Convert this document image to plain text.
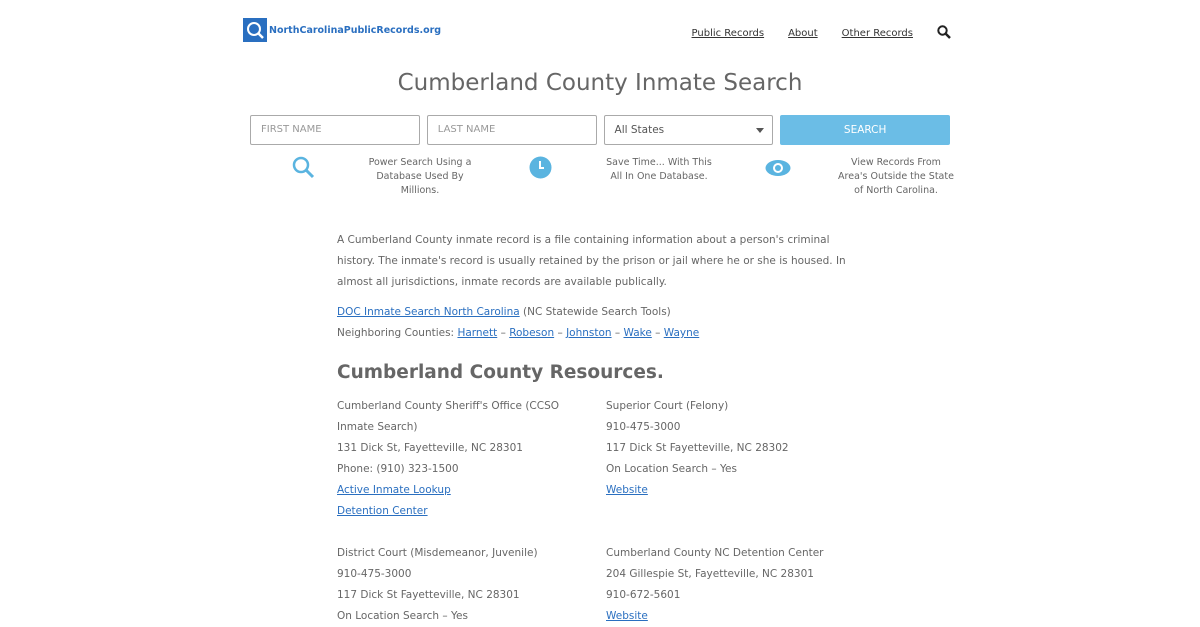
NorthCarolinaPublicRecords.org	Public Records About Other Records
Cumberland County Inmate Search
FIRST NAME	LAST NAME	All States	SEARCH
Power Search Using a Database Used By Millions.
Save Time... With This All In One Database.
View Records From Area's Outside the State of North Carolina.

A Cumberland County inmate record is a file containing information about a person's criminal history. The inmate's record is usually retained by the prison or jail where he or she is housed. In almost all jurisdictions, inmate records are available publically.

DOC Inmate Search North Carolina (NC Statewide Search Tools)

Neighboring Counties: Harnett – Robeson – Johnston – Wake – Wayne

Cumberland County Resources.

Cumberland County Sheriff's Office (CCSO Inmate Search)

131 Dick St, Fayetteville, NC 28301

Phone: (910) 323-1500

Active Inmate Lookup

Detention Center

Superior Court (Felony)

910-475-3000

117 Dick St Fayetteville, NC 28302

On Location Search – Yes

Website

District Court (Misdemeanor, Juvenile)

910-475-3000

117 Dick St Fayetteville, NC 28301

On Location Search – Yes

Cumberland County NC Detention Center

204 Gillespie St, Fayetteville, NC 28301

910-672-5601

Website
